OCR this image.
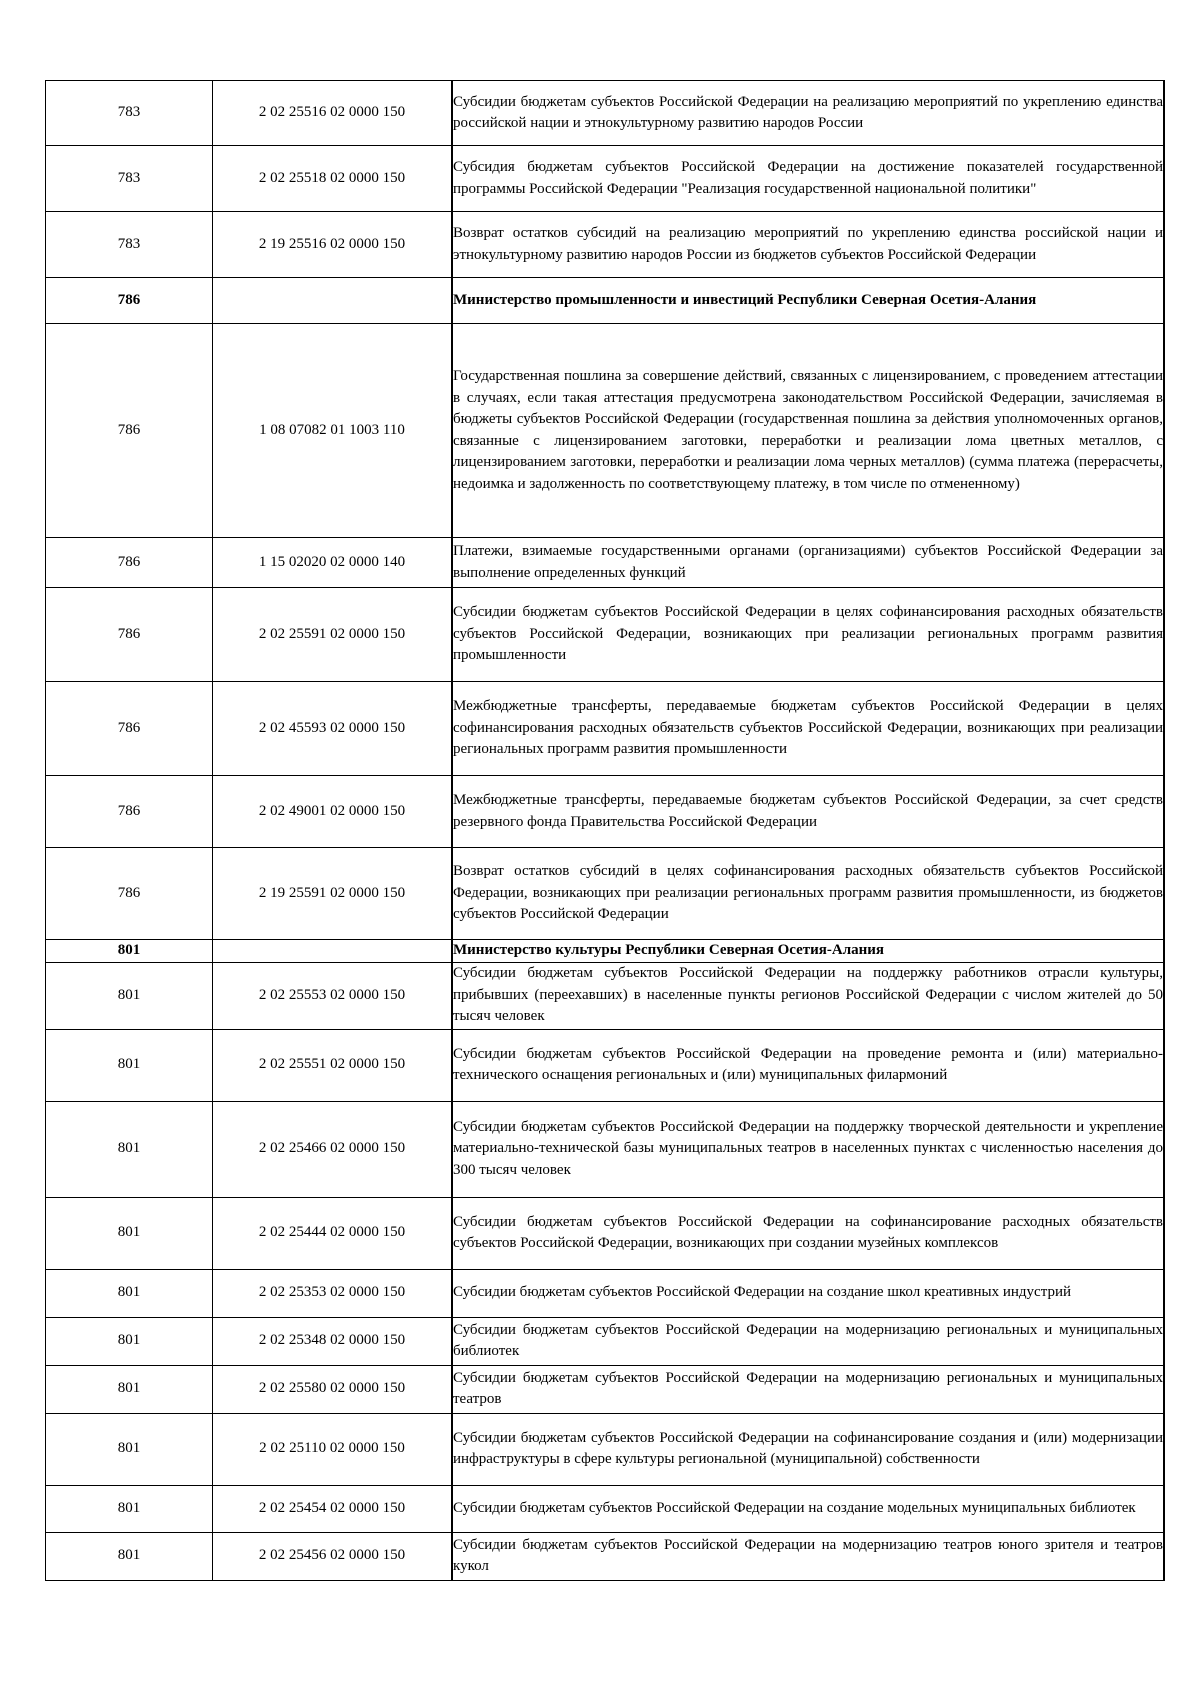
783	2 02 25516 02 0000 150	Субсидии бюджетам субъектов Российской Федерации на реализацию мероприятий по укреплению единства российской нации и этнокультурному развитию народов России
783	2 02 25518 02 0000 150	Субсидия бюджетам субъектов Российской Федерации на достижение показателей государственной программы Российской Федерации "Реализация государственной национальной политики"
783	2 19 25516 02 0000 150	Возврат остатков субсидий на реализацию мероприятий по укреплению единства российской нации и этнокультурному развитию народов России из бюджетов субъектов Российской Федерации
786		Министерство промышленности и инвестиций Республики Северная Осетия-Алания
786	1 08 07082 01 1003 110	Государственная пошлина за совершение действий, связанных с лицензированием, с проведением аттестации в случаях, если такая аттестация предусмотрена законодательством Российской Федерации, зачисляемая в бюджеты субъектов Российской Федерации (государственная пошлина за действия уполномоченных органов, связанные с лицензированием заготовки, переработки и реализации лома цветных металлов, с лицензированием заготовки, переработки и реализации лома черных металлов) (сумма платежа (перерасчеты, недоимка и задолженность по соответствующему платежу, в том числе по отмененному)
786	1 15 02020 02 0000 140	Платежи, взимаемые государственными органами (организациями) субъектов Российской Федерации за выполнение определенных функций
786	2 02 25591 02 0000 150	Субсидии бюджетам субъектов Российской Федерации в целях софинансирования расходных обязательств субъектов Российской Федерации, возникающих при реализации региональных программ развития промышленности
786	2 02 45593 02 0000 150	Межбюджетные трансферты, передаваемые бюджетам субъектов Российской Федерации в целях софинансирования расходных обязательств субъектов Российской Федерации, возникающих при реализации региональных программ развития промышленности
786	2 02 49001 02 0000 150	Межбюджетные трансферты, передаваемые бюджетам субъектов Российской Федерации, за счет средств резервного фонда Правительства Российской Федерации
786	2 19 25591 02 0000 150	Возврат остатков субсидий в целях софинансирования расходных обязательств субъектов Российской Федерации, возникающих при реализации региональных программ развития промышленности, из бюджетов субъектов Российской Федерации
801		Министерство культуры Республики Северная Осетия-Алания
801	2 02 25553 02 0000 150	Субсидии бюджетам субъектов Российской Федерации на поддержку работников отрасли культуры, прибывших (переехавших) в населенные пункты регионов Российской Федерации с числом жителей до 50 тысяч человек
801	2 02 25551 02 0000 150	Субсидии бюджетам субъектов Российской Федерации на проведение ремонта и (или) материально-технического оснащения региональных и (или) муниципальных филармоний
801	2 02 25466 02 0000 150	Субсидии бюджетам субъектов Российской Федерации на поддержку творческой деятельности и укрепление материально-технической базы муниципальных театров в населенных пунктах с численностью населения до 300 тысяч человек
801	2 02 25444 02 0000 150	Субсидии бюджетам субъектов Российской Федерации на софинансирование расходных обязательств субъектов Российской Федерации, возникающих при создании музейных комплексов
801	2 02 25353 02 0000 150	Субсидии бюджетам субъектов Российской Федерации на создание школ креативных индустрий
801	2 02 25348 02 0000 150	Субсидии бюджетам субъектов Российской Федерации на модернизацию региональных и муниципальных библиотек
801	2 02 25580 02 0000 150	Субсидии бюджетам субъектов Российской Федерации на модернизацию региональных и муниципальных театров
801	2 02 25110 02 0000 150	Субсидии бюджетам субъектов Российской Федерации на софинансирование создания и (или) модернизации инфраструктуры в сфере культуры региональной (муниципальной) собственности
801	2 02 25454 02 0000 150	Субсидии бюджетам субъектов Российской Федерации на создание модельных муниципальных библиотек
801	2 02 25456 02 0000 150	Субсидии бюджетам субъектов Российской Федерации на модернизацию театров юного зрителя и театров кукол
